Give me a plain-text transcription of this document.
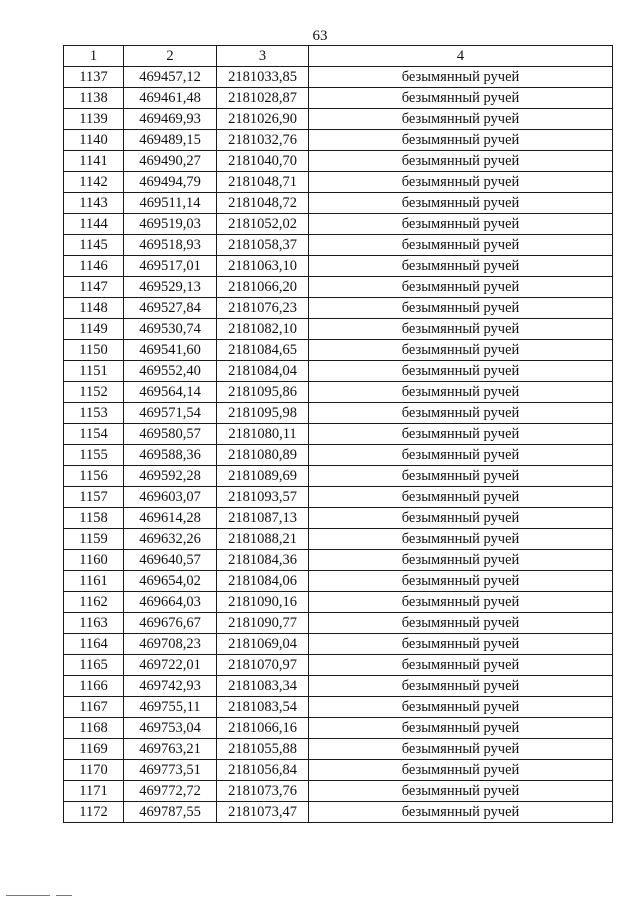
63
1	2	3	4
1137	469457,12	2181033,85	безымянный ручей
1138	469461,48	2181028,87	безымянный ручей
1139	469469,93	2181026,90	безымянный ручей
1140	469489,15	2181032,76	безымянный ручей
1141	469490,27	2181040,70	безымянный ручей
1142	469494,79	2181048,71	безымянный ручей
1143	469511,14	2181048,72	безымянный ручей
1144	469519,03	2181052,02	безымянный ручей
1145	469518,93	2181058,37	безымянный ручей
1146	469517,01	2181063,10	безымянный ручей
1147	469529,13	2181066,20	безымянный ручей
1148	469527,84	2181076,23	безымянный ручей
1149	469530,74	2181082,10	безымянный ручей
1150	469541,60	2181084,65	безымянный ручей
1151	469552,40	2181084,04	безымянный ручей
1152	469564,14	2181095,86	безымянный ручей
1153	469571,54	2181095,98	безымянный ручей
1154	469580,57	2181080,11	безымянный ручей
1155	469588,36	2181080,89	безымянный ручей
1156	469592,28	2181089,69	безымянный ручей
1157	469603,07	2181093,57	безымянный ручей
1158	469614,28	2181087,13	безымянный ручей
1159	469632,26	2181088,21	безымянный ручей
1160	469640,57	2181084,36	безымянный ручей
1161	469654,02	2181084,06	безымянный ручей
1162	469664,03	2181090,16	безымянный ручей
1163	469676,67	2181090,77	безымянный ручей
1164	469708,23	2181069,04	безымянный ручей
1165	469722,01	2181070,97	безымянный ручей
1166	469742,93	2181083,34	безымянный ручей
1167	469755,11	2181083,54	безымянный ручей
1168	469753,04	2181066,16	безымянный ручей
1169	469763,21	2181055,88	безымянный ручей
1170	469773,51	2181056,84	безымянный ручей
1171	469772,72	2181073,76	безымянный ручей
1172	469787,55	2181073,47	безымянный ручей
